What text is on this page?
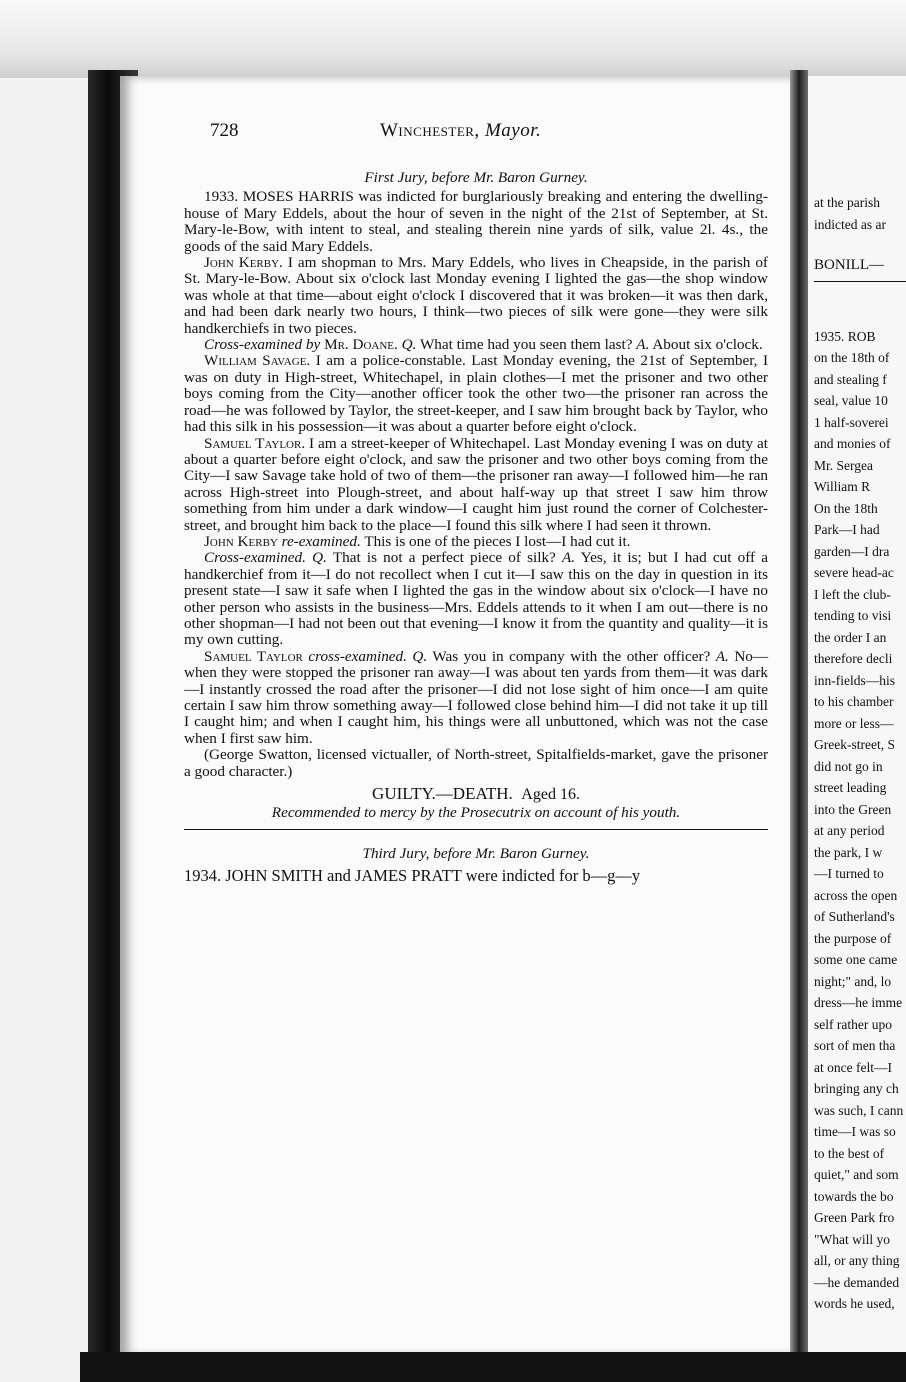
at the parish
indicted as ar
BONILL—
1935. ROB
on the 18th of
and stealing f
seal, value 10
1 half-soverei
and monies of
Mr. Sergea
William R
On the 18th
Park—I had
garden—I dra
severe head-ac
I left the club-
tending to visi
the order I an
therefore decli
inn-fields—his
to his chamber
more or less—
Greek-street, S
did not go in
street leading
into the Green
at any period
the park, I w
—I turned to
across the open
of Sutherland's
the purpose of
some one came
night;" and, lo
dress—he imme
self rather upo
sort of men tha
at once felt—I
bringing any ch
was such, I cann
time—I was so
to the best of
quiet," and som
towards the bo
Green Park fro
"What will yo
all, or any thing
—he demanded
words he used,
728	Winchester, Mayor.

First Jury, before Mr. Baron Gurney.

1933. MOSES HARRIS was indicted for burglariously breaking and entering the dwelling-house of Mary Eddels, about the hour of seven in the night of the 21st of September, at St. Mary-le-Bow, with intent to steal, and stealing therein nine yards of silk, value 2l. 4s., the goods of the said Mary Eddels.

John Kerby. I am shopman to Mrs. Mary Eddels, who lives in Cheapside, in the parish of St. Mary-le-Bow. About six o'clock last Monday evening I lighted the gas—the shop window was whole at that time—about eight o'clock I discovered that it was broken—it was then dark, and had been dark nearly two hours, I think—two pieces of silk were gone—they were silk handkerchiefs in two pieces.

Cross-examined by Mr. Doane. Q. What time had you seen them last? A. About six o'clock.

William Savage. I am a police-constable. Last Monday evening, the 21st of September, I was on duty in High-street, Whitechapel, in plain clothes—I met the prisoner and two other boys coming from the City—another officer took the other two—the prisoner ran across the road—he was followed by Taylor, the street-keeper, and I saw him brought back by Taylor, who had this silk in his possession—it was about a quarter before eight o'clock.

Samuel Taylor. I am a street-keeper of Whitechapel. Last Monday evening I was on duty at about a quarter before eight o'clock, and saw the prisoner and two other boys coming from the City—I saw Savage take hold of two of them—the prisoner ran away—I followed him—he ran across High-street into Plough-street, and about half-way up that street I saw him throw something from him under a dark window—I caught him just round the corner of Colchester-street, and brought him back to the place—I found this silk where I had seen it thrown.

John Kerby re-examined. This is one of the pieces I lost—I had cut it.

Cross-examined. Q. That is not a perfect piece of silk? A. Yes, it is; but I had cut off a handkerchief from it—I do not recollect when I cut it—I saw this on the day in question in its present state—I saw it safe when I lighted the gas in the window about six o'clock—I have no other person who assists in the business—Mrs. Eddels attends to it when I am out—there is no other shopman—I had not been out that evening—I know it from the quantity and quality—it is my own cutting.

Samuel Taylor cross-examined. Q. Was you in company with the other officer? A. No—when they were stopped the prisoner ran away—I was about ten yards from them—it was dark—I instantly crossed the road after the prisoner—I did not lose sight of him once—I am quite certain I saw him throw something away—I followed close behind him—I did not take it up till I caught him; and when I caught him, his things were all unbuttoned, which was not the case when I first saw him.

(George Swatton, licensed victualler, of North-street, Spitalfields-market, gave the prisoner a good character.)

GUILTY.—DEATH. Aged 16.

Recommended to mercy by the Prosecutrix on account of his youth.

Third Jury, before Mr. Baron Gurney.

1934. JOHN SMITH and JAMES PRATT were indicted for b—g—y
